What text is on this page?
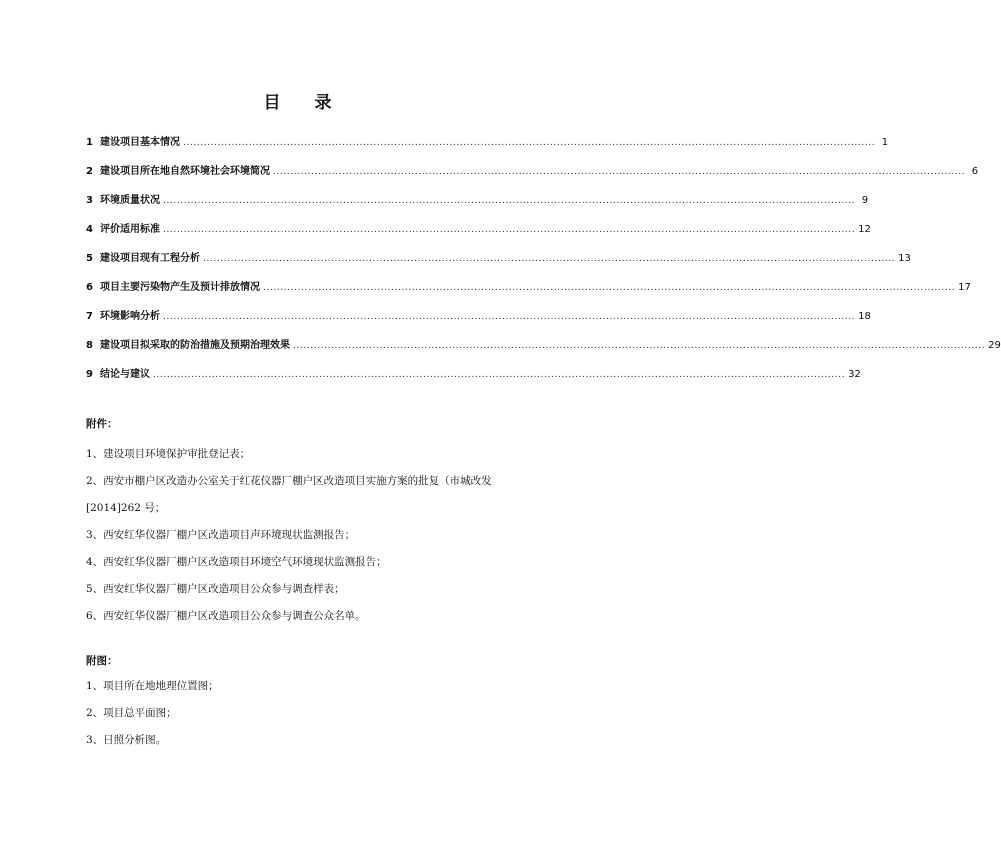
目 录
1 建设项目基本情况 ........................................................................................................................................................................................................ 1
2 建设项目所在地自然环境社会环境简况 ........................................................................................................................................................................................................ 6
3 环境质量状况 ........................................................................................................................................................................................................ 9
4 评价适用标准 ........................................................................................................................................................................................................ 12
5 建设项目现有工程分析 ........................................................................................................................................................................................................ 13
6 项目主要污染物产生及预计排放情况 ........................................................................................................................................................................................................ 17
7 环境影响分析 ........................................................................................................................................................................................................ 18
8 建设项目拟采取的防治措施及预期治理效果 ........................................................................................................................................................................................................ 29
9 结论与建议 ........................................................................................................................................................................................................ 32
附件：
1、建设项目环境保护审批登记表；
2、西安市棚户区改造办公室关于红花仪器厂棚户区改造项目实施方案的批复（市城改发[2014]262 号；
3、西安红华仪器厂棚户区改造项目声环境现状监测报告；
4、西安红华仪器厂棚户区改造项目环境空气环境现状监测报告；
5、西安红华仪器厂棚户区改造项目公众参与调查样表；
6、西安红华仪器厂棚户区改造项目公众参与调查公众名单。
附图：
1、项目所在地地理位置图；
2、项目总平面图；
3、日照分析图。
